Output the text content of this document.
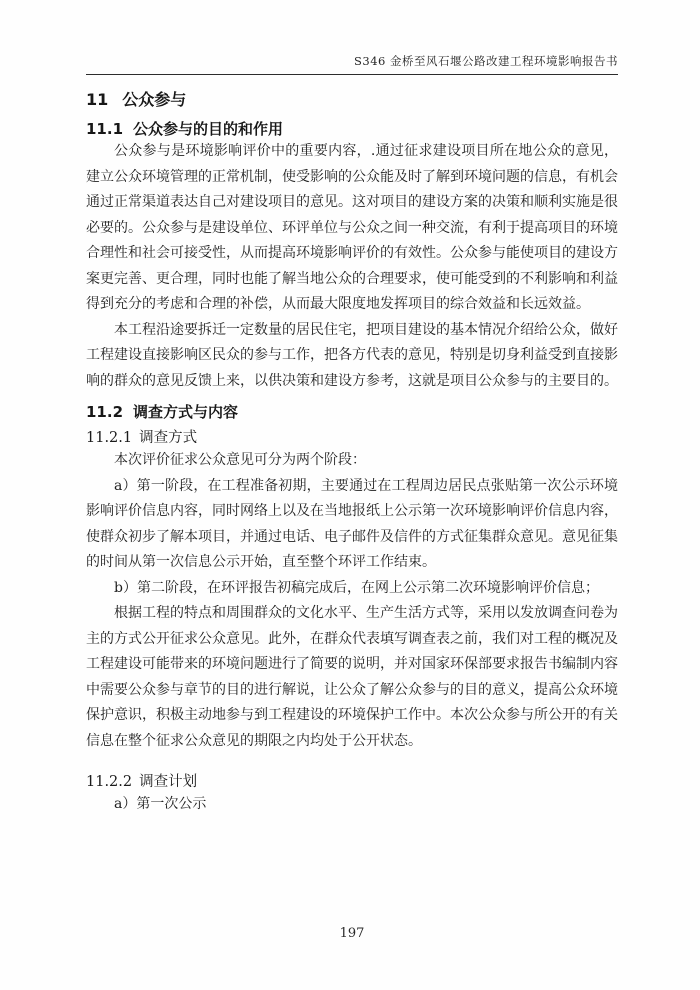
S346 金桥至风石堰公路改建工程环境影响报告书
11 公众参与
11.1 公众参与的目的和作用

公众参与是环境影响评价中的重要内容，.通过征求建设项目所在地公众的意见，建立公众环境管理的正常机制，使受影响的公众能及时了解到环境问题的信息，有机会通过正常渠道表达自己对建设项目的意见。这对项目的建设方案的决策和顺利实施是很必要的。公众参与是建设单位、环评单位与公众之间一种交流，有利于提高项目的环境合理性和社会可接受性，从而提高环境影响评价的有效性。公众参与能使项目的建设方案更完善、更合理，同时也能了解当地公众的合理要求，使可能受到的不利影响和利益得到充分的考虑和合理的补偿，从而最大限度地发挥项目的综合效益和长远效益。

本工程沿途要拆迁一定数量的居民住宅，把项目建设的基本情况介绍给公众，做好工程建设直接影响区民众的参与工作，把各方代表的意见，特别是切身利益受到直接影响的群众的意见反馈上来，以供决策和建设方参考，这就是项目公众参与的主要目的。

11.2 调查方式与内容
11.2.1 调查方式

本次评价征求公众意见可分为两个阶段：

a）第一阶段，在工程准备初期，主要通过在工程周边居民点张贴第一次公示环境影响评价信息内容，同时网络上以及在当地报纸上公示第一次环境影响评价信息内容，使群众初步了解本项目，并通过电话、电子邮件及信件的方式征集群众意见。意见征集的时间从第一次信息公示开始，直至整个环评工作结束。

b）第二阶段，在环评报告初稿完成后，在网上公示第二次环境影响评价信息；

根据工程的特点和周围群众的文化水平、生产生活方式等，采用以发放调查问卷为主的方式公开征求公众意见。此外，在群众代表填写调查表之前，我们对工程的概况及工程建设可能带来的环境问题进行了简要的说明，并对国家环保部要求报告书编制内容中需要公众参与章节的目的进行解说，让公众了解公众参与的目的意义，提高公众环境保护意识，积极主动地参与到工程建设的环境保护工作中。本次公众参与所公开的有关信息在整个征求公众意见的期限之内均处于公开状态。

11.2.2 调查计划

a）第一次公示

197
